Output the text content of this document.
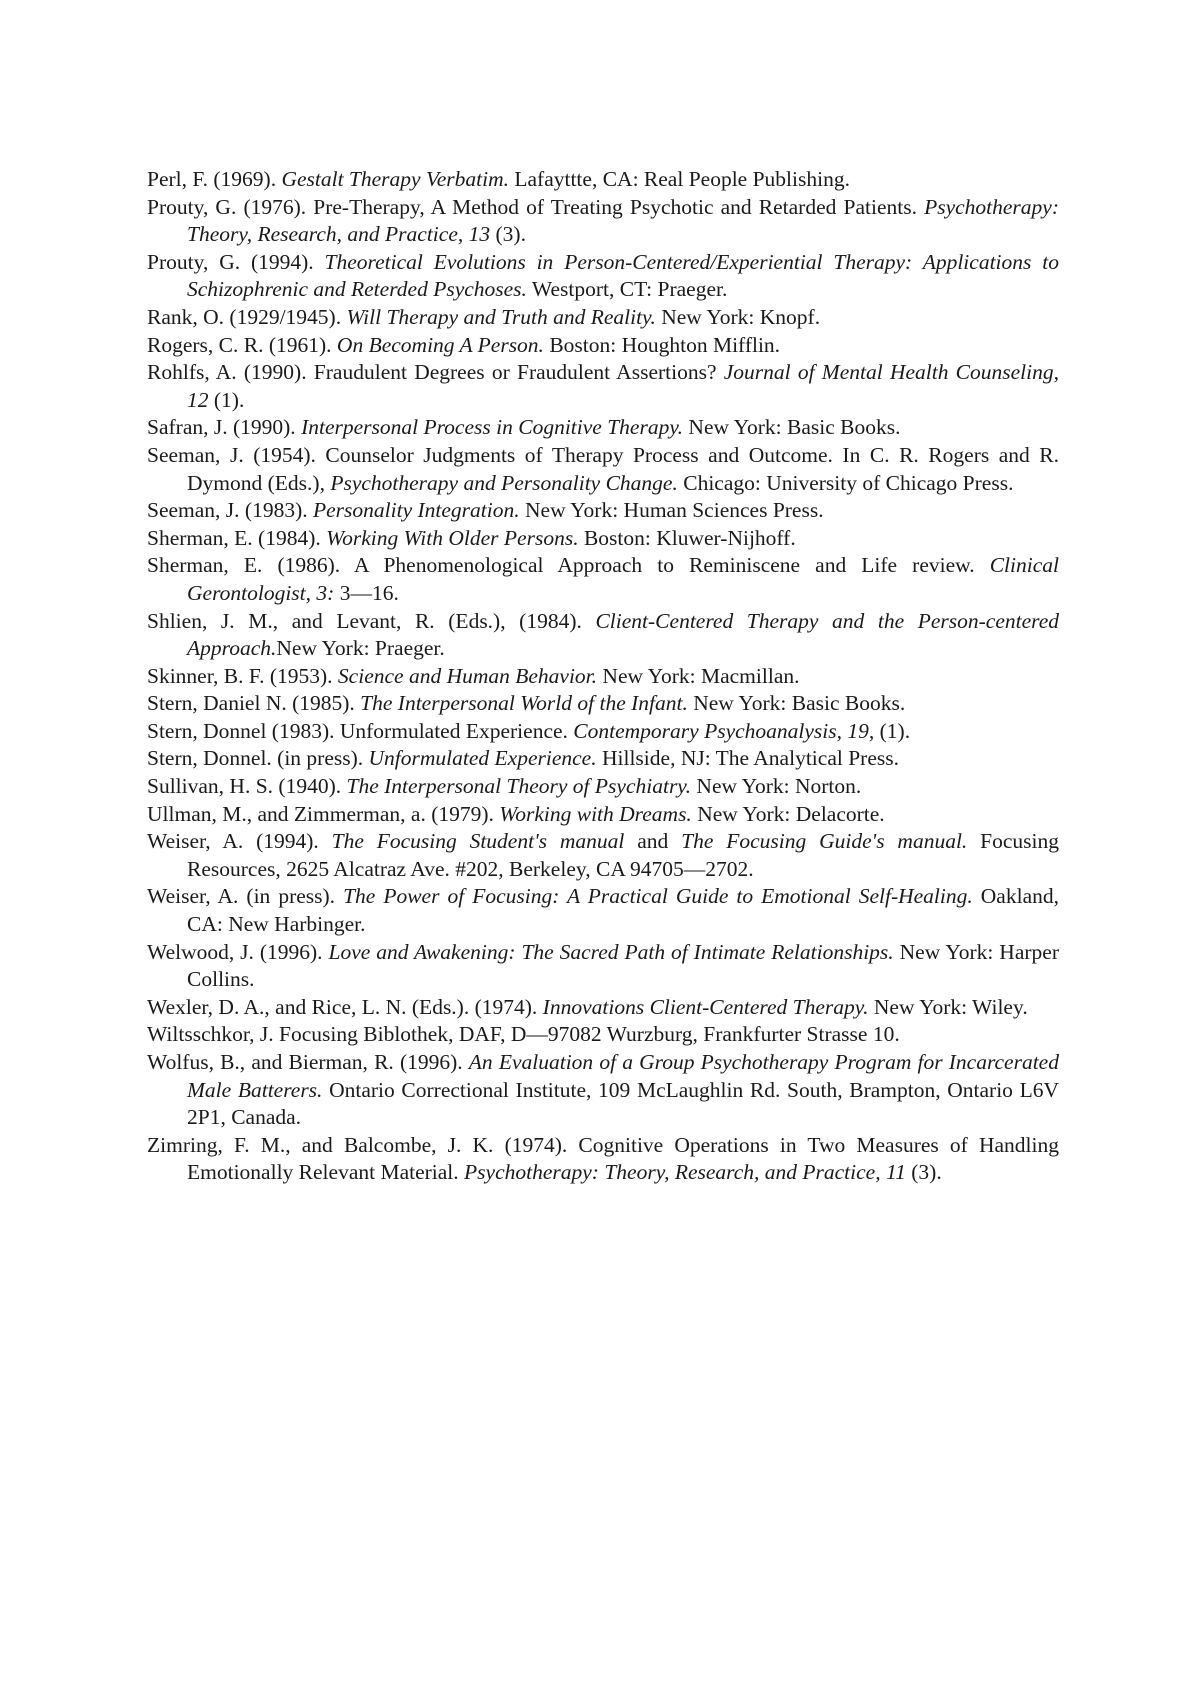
Perl, F. (1969). Gestalt Therapy Verbatim. Lafayttte, CA: Real People Publishing.

Prouty, G. (1976). Pre-Therapy, A Method of Treating Psychotic and Retarded Patients. Psychotherapy: Theory, Research, and Practice, 13 (3).

Prouty, G. (1994). Theoretical Evolutions in Person-Centered/Experiential Therapy: Applications to Schizophrenic and Reterded Psychoses. Westport, CT: Praeger.

Rank, O. (1929/1945). Will Therapy and Truth and Reality. New York: Knopf.

Rogers, C. R. (1961). On Becoming A Person. Boston: Houghton Mifflin.

Rohlfs, A. (1990). Fraudulent Degrees or Fraudulent Assertions? Journal of Mental Health Counseling, 12 (1).

Safran, J. (1990). Interpersonal Process in Cognitive Therapy. New York: Basic Books.

Seeman, J. (1954). Counselor Judgments of Therapy Process and Outcome. In C. R. Rogers and R. Dymond (Eds.), Psychotherapy and Personality Change. Chicago: University of Chicago Press.

Seeman, J. (1983). Personality Integration. New York: Human Sciences Press.

Sherman, E. (1984). Working With Older Persons. Boston: Kluwer-Nijhoff.

Sherman, E. (1986). A Phenomenological Approach to Reminiscene and Life review. Clinical Gerontologist, 3: 3—16.

Shlien, J. M., and Levant, R. (Eds.), (1984). Client-Centered Therapy and the Person-centered Approach.New York: Praeger.

Skinner, B. F. (1953). Science and Human Behavior. New York: Macmillan.

Stern, Daniel N. (1985). The Interpersonal World of the Infant. New York: Basic Books.

Stern, Donnel (1983). Unformulated Experience. Contemporary Psychoanalysis, 19, (1).

Stern, Donnel. (in press). Unformulated Experience. Hillside, NJ: The Analytical Press.

Sullivan, H. S. (1940). The Interpersonal Theory of Psychiatry. New York: Norton.

Ullman, M., and Zimmerman, a. (1979). Working with Dreams. New York: Delacorte.

Weiser, A. (1994). The Focusing Student's manual and The Focusing Guide's manual. Focusing Resources, 2625 Alcatraz Ave. #202, Berkeley, CA 94705—2702.

Weiser, A. (in press). The Power of Focusing: A Practical Guide to Emotional Self-Healing. Oakland, CA: New Harbinger.

Welwood, J. (1996). Love and Awakening: The Sacred Path of Intimate Relationships. New York: Harper Collins.

Wexler, D. A., and Rice, L. N. (Eds.). (1974). Innovations Client-Centered Therapy. New York: Wiley.

Wiltsschkor, J. Focusing Biblothek, DAF, D—97082 Wurzburg, Frankfurter Strasse 10.

Wolfus, B., and Bierman, R. (1996). An Evaluation of a Group Psychotherapy Program for Incarcerated Male Batterers. Ontario Correctional Institute, 109 McLaughlin Rd. South, Brampton, Ontario L6V 2P1, Canada.

Zimring, F. M., and Balcombe, J. K. (1974). Cognitive Operations in Two Measures of Handling Emotionally Relevant Material. Psychotherapy: Theory, Research, and Practice, 11 (3).
